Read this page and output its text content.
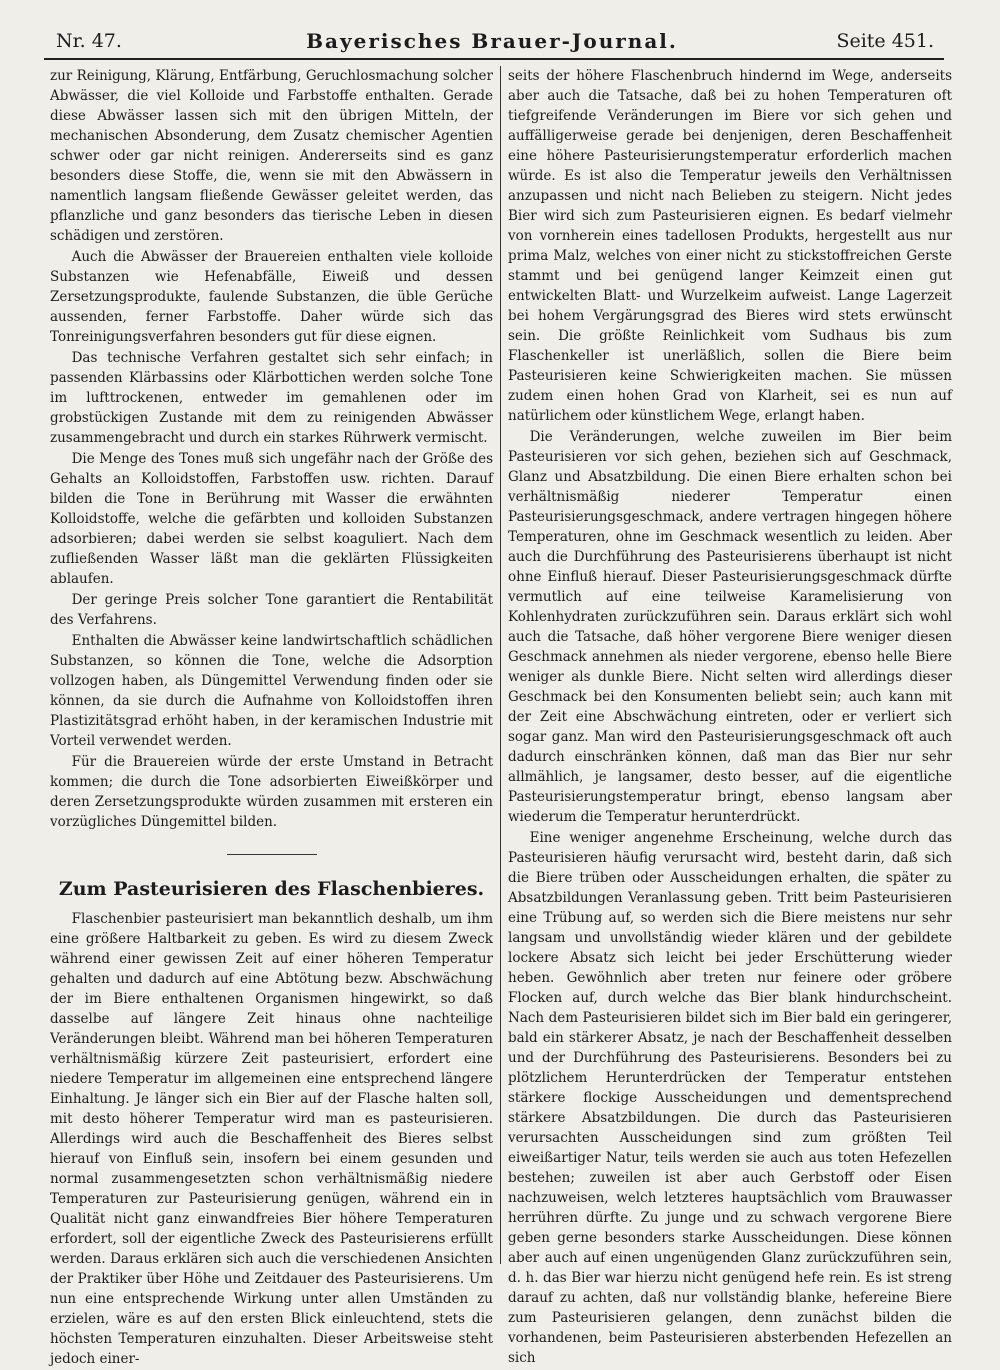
Nr. 47.	Bayerisches Brauer-Journal.	Seite 451.

zur Reinigung, Klärung, Entfärbung, Geruchlosmachung solcher Abwässer, die viel Kolloide und Farbstoffe enthalten. Gerade diese Abwässer lassen sich mit den übrigen Mitteln, der mechanischen Absonderung, dem Zusatz chemischer Agentien schwer oder gar nicht reinigen. Andererseits sind es ganz besonders diese Stoffe, die, wenn sie mit den Abwässern in namentlich langsam fließende Gewässer geleitet werden, das pflanzliche und ganz besonders das tierische Leben in diesen schädigen und zerstören.

Auch die Abwässer der Brauereien enthalten viele kolloide Substanzen wie Hefenabfälle, Eiweiß und dessen Zersetzungsprodukte, faulende Substanzen, die üble Gerüche aussenden, ferner Farbstoffe. Daher würde sich das Tonreinigungsverfahren besonders gut für diese eignen.

Das technische Verfahren gestaltet sich sehr einfach; in passenden Klärbassins oder Klärbottichen werden solche Tone im lufttrockenen, entweder im gemahlenen oder im grobstückigen Zustande mit dem zu reinigenden Abwässer zusammengebracht und durch ein starkes Rührwerk vermischt.

Die Menge des Tones muß sich ungefähr nach der Größe des Gehalts an Kolloidstoffen, Farbstoffen usw. richten. Darauf bilden die Tone in Berührung mit Wasser die erwähnten Kolloidstoffe, welche die gefärbten und kolloiden Substanzen adsorbieren; dabei werden sie selbst koaguliert. Nach dem zufließenden Wasser läßt man die geklärten Flüssigkeiten ablaufen.

Der geringe Preis solcher Tone garantiert die Rentabilität des Verfahrens.

Enthalten die Abwässer keine landwirtschaftlich schädlichen Substanzen, so können die Tone, welche die Adsorption vollzogen haben, als Düngemittel Verwendung finden oder sie können, da sie durch die Aufnahme von Kolloidstoffen ihren Plastizitätsgrad erhöht haben, in der keramischen Industrie mit Vorteil verwendet werden.

Für die Brauereien würde der erste Umstand in Betracht kommen; die durch die Tone adsorbierten Eiweißkörper und deren Zersetzungsprodukte würden zusammen mit ersteren ein vorzügliches Düngemittel bilden.

Zum Pasteurisieren des Flaschenbieres.

Flaschenbier pasteurisiert man bekanntlich deshalb, um ihm eine größere Haltbarkeit zu geben. Es wird zu diesem Zweck während einer gewissen Zeit auf einer höheren Temperatur gehalten und dadurch auf eine Abtötung bezw. Abschwächung der im Biere enthaltenen Organismen hingewirkt, so daß dasselbe auf längere Zeit hinaus ohne nachteilige Veränderungen bleibt. Während man bei höheren Temperaturen verhältnismäßig kürzere Zeit pasteurisiert, erfordert eine niedere Temperatur im allgemeinen eine entsprechend längere Einhaltung. Je länger sich ein Bier auf der Flasche halten soll, mit desto höherer Temperatur wird man es pasteurisieren. Allerdings wird auch die Beschaffenheit des Bieres selbst hierauf von Einfluß sein, insofern bei einem gesunden und normal zusammengesetzten schon verhältnismäßig niedere Temperaturen zur Pasteurisierung genügen, während ein in Qualität nicht ganz einwandfreies Bier höhere Temperaturen erfordert, soll der eigentliche Zweck des Pasteurisierens erfüllt werden. Daraus erklären sich auch die verschiedenen Ansichten der Praktiker über Höhe und Zeitdauer des Pasteurisierens. Um nun eine entsprechende Wirkung unter allen Umständen zu erzielen, wäre es auf den ersten Blick einleuchtend, stets die höchsten Temperaturen einzuhalten. Dieser Arbeitsweise steht jedoch einer-

seits der höhere Flaschenbruch hindernd im Wege, anderseits aber auch die Tatsache, daß bei zu hohen Temperaturen oft tiefgreifende Veränderungen im Biere vor sich gehen und auffälligerweise gerade bei denjenigen, deren Beschaffenheit eine höhere Pasteurisierungstemperatur erforderlich machen würde. Es ist also die Temperatur jeweils den Verhältnissen anzupassen und nicht nach Belieben zu steigern. Nicht jedes Bier wird sich zum Pasteurisieren eignen. Es bedarf vielmehr von vornherein eines tadellosen Produkts, hergestellt aus nur prima Malz, welches von einer nicht zu stickstoffreichen Gerste stammt und bei genügend langer Keimzeit einen gut entwickelten Blatt- und Wurzelkeim aufweist. Lange Lagerzeit bei hohem Vergärungsgrad des Bieres wird stets erwünscht sein. Die größte Reinlichkeit vom Sudhaus bis zum Flaschenkeller ist unerläßlich, sollen die Biere beim Pasteurisieren keine Schwierigkeiten machen. Sie müssen zudem einen hohen Grad von Klarheit, sei es nun auf natürlichem oder künstlichem Wege, erlangt haben.

Die Veränderungen, welche zuweilen im Bier beim Pasteurisieren vor sich gehen, beziehen sich auf Geschmack, Glanz und Absatzbildung. Die einen Biere erhalten schon bei verhältnismäßig niederer Temperatur einen Pasteurisierungsgeschmack, andere vertragen hingegen höhere Temperaturen, ohne im Geschmack wesentlich zu leiden. Aber auch die Durchführung des Pasteurisierens überhaupt ist nicht ohne Einfluß hierauf. Dieser Pasteurisierungsgeschmack dürfte vermutlich auf eine teilweise Karamelisierung von Kohlenhydraten zurückzuführen sein. Daraus erklärt sich wohl auch die Tatsache, daß höher vergorene Biere weniger diesen Geschmack annehmen als nieder vergorene, ebenso helle Biere weniger als dunkle Biere. Nicht selten wird allerdings dieser Geschmack bei den Konsumenten beliebt sein; auch kann mit der Zeit eine Abschwächung eintreten, oder er verliert sich sogar ganz. Man wird den Pasteurisierungsgeschmack oft auch dadurch einschränken können, daß man das Bier nur sehr allmählich, je langsamer, desto besser, auf die eigentliche Pasteurisierungstemperatur bringt, ebenso langsam aber wiederum die Temperatur herunterdrückt.

Eine weniger angenehme Erscheinung, welche durch das Pasteurisieren häufig verursacht wird, besteht darin, daß sich die Biere trüben oder Ausscheidungen erhalten, die später zu Absatzbildungen Veranlassung geben. Tritt beim Pasteurisieren eine Trübung auf, so werden sich die Biere meistens nur sehr langsam und unvollständig wieder klären und der gebildete lockere Absatz sich leicht bei jeder Erschütterung wieder heben. Gewöhnlich aber treten nur feinere oder gröbere Flocken auf, durch welche das Bier blank hindurchscheint. Nach dem Pasteurisieren bildet sich im Bier bald ein geringerer, bald ein stärkerer Absatz, je nach der Beschaffenheit desselben und der Durchführung des Pasteurisierens. Besonders bei zu plötzlichem Herunterdrücken der Temperatur entstehen stärkere flockige Ausscheidungen und dementsprechend stärkere Absatzbildungen. Die durch das Pasteurisieren verursachten Ausscheidungen sind zum größten Teil eiweißartiger Natur, teils werden sie auch aus toten Hefezellen bestehen; zuweilen ist aber auch Gerbstoff oder Eisen nachzuweisen, welch letzteres hauptsächlich vom Brauwasser herrühren dürfte. Zu junge und zu schwach vergorene Biere geben gerne besonders starke Ausscheidungen. Diese können aber auch auf einen ungenügenden Glanz zurückzuführen sein, d. h. das Bier war hierzu nicht genügend hefe rein. Es ist streng darauf zu achten, daß nur vollständig blanke, hefereine Biere zum Pasteurisieren gelangen, denn zunächst bilden die vorhandenen, beim Pasteurisieren absterbenden Hefezellen an sich
